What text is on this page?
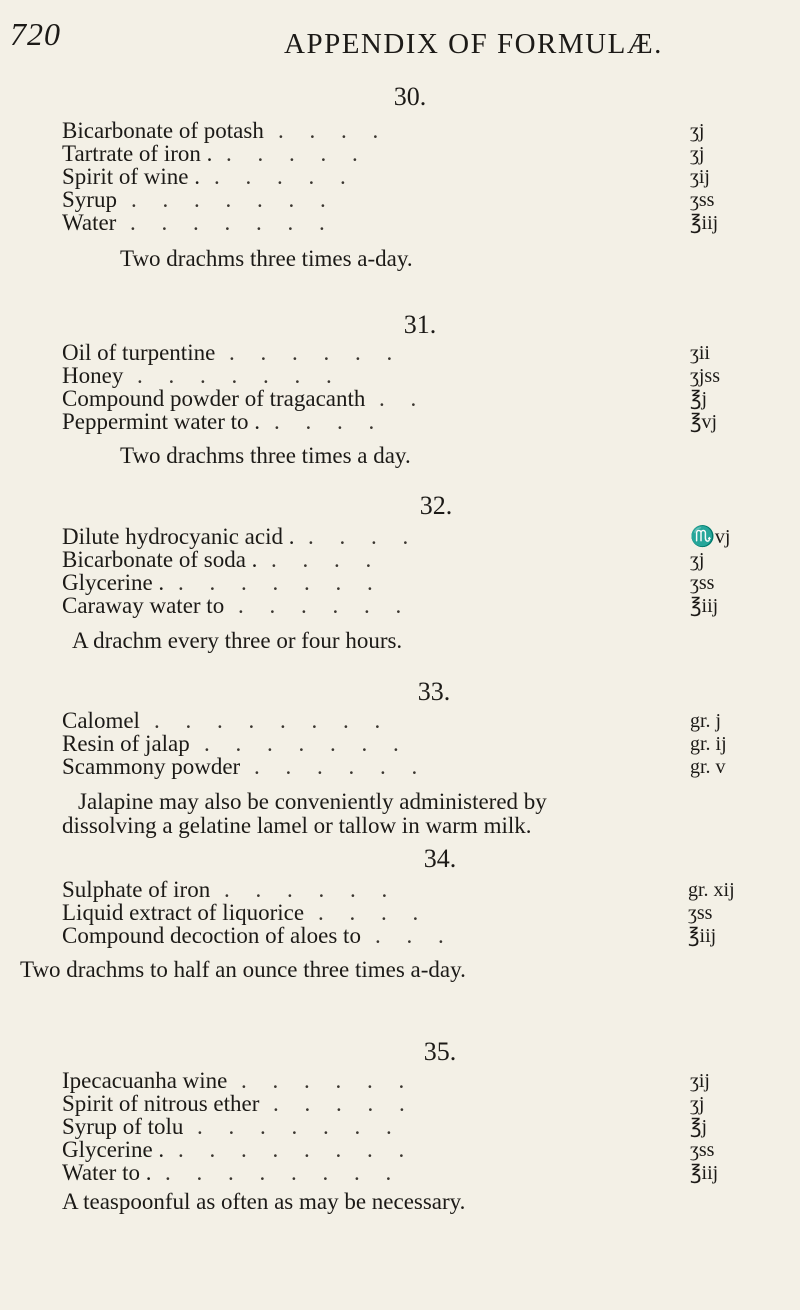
720	APPENDIX OF FORMULÆ.
30.
Bicarbonate of potash . . . .	ʒj
Tartrate of iron . . . . . .	ʒj
Spirit of wine . . . . . .	ʒij
Syrup . . . . . . .	ʒss
Water . . . . . . .	℥iij
Two drachms three times a-day.
31.
Oil of turpentine . . . . . .	ʒii
Honey . . . . . . .	ʒjss
Compound powder of tragacanth . .	℥j
Peppermint water to . . . . .	℥vj
Two drachms three times a day.
32.
Dilute hydrocyanic acid . . . . .	♏vj
Bicarbonate of soda . . . . .	ʒj
Glycerine . . . . . . . .	ʒss
Caraway water to . . . . . .	℥iij
A drachm every three or four hours.
33.
Calomel . . . . . . . .	gr. j
Resin of jalap . . . . . . .	gr. ij
Scammony powder . . . . . .	gr. v
Jalapine may also be conveniently administered by
dissolving a gelatine lamel or tallow in warm milk.
34.
Sulphate of iron . . . . . .	gr. xij
Liquid extract of liquorice . . . .	ʒss
Compound decoction of aloes to . . .	℥iij
Two drachms to half an ounce three times a-day.
35.
Ipecacuanha wine . . . . . .	ʒij
Spirit of nitrous ether . . . . .	ʒj
Syrup of tolu . . . . . . .	℥j
Glycerine . . . . . . . . .	ʒss
Water to . . . . . . . . .	℥iij
A teaspoonful as often as may be necessary.
